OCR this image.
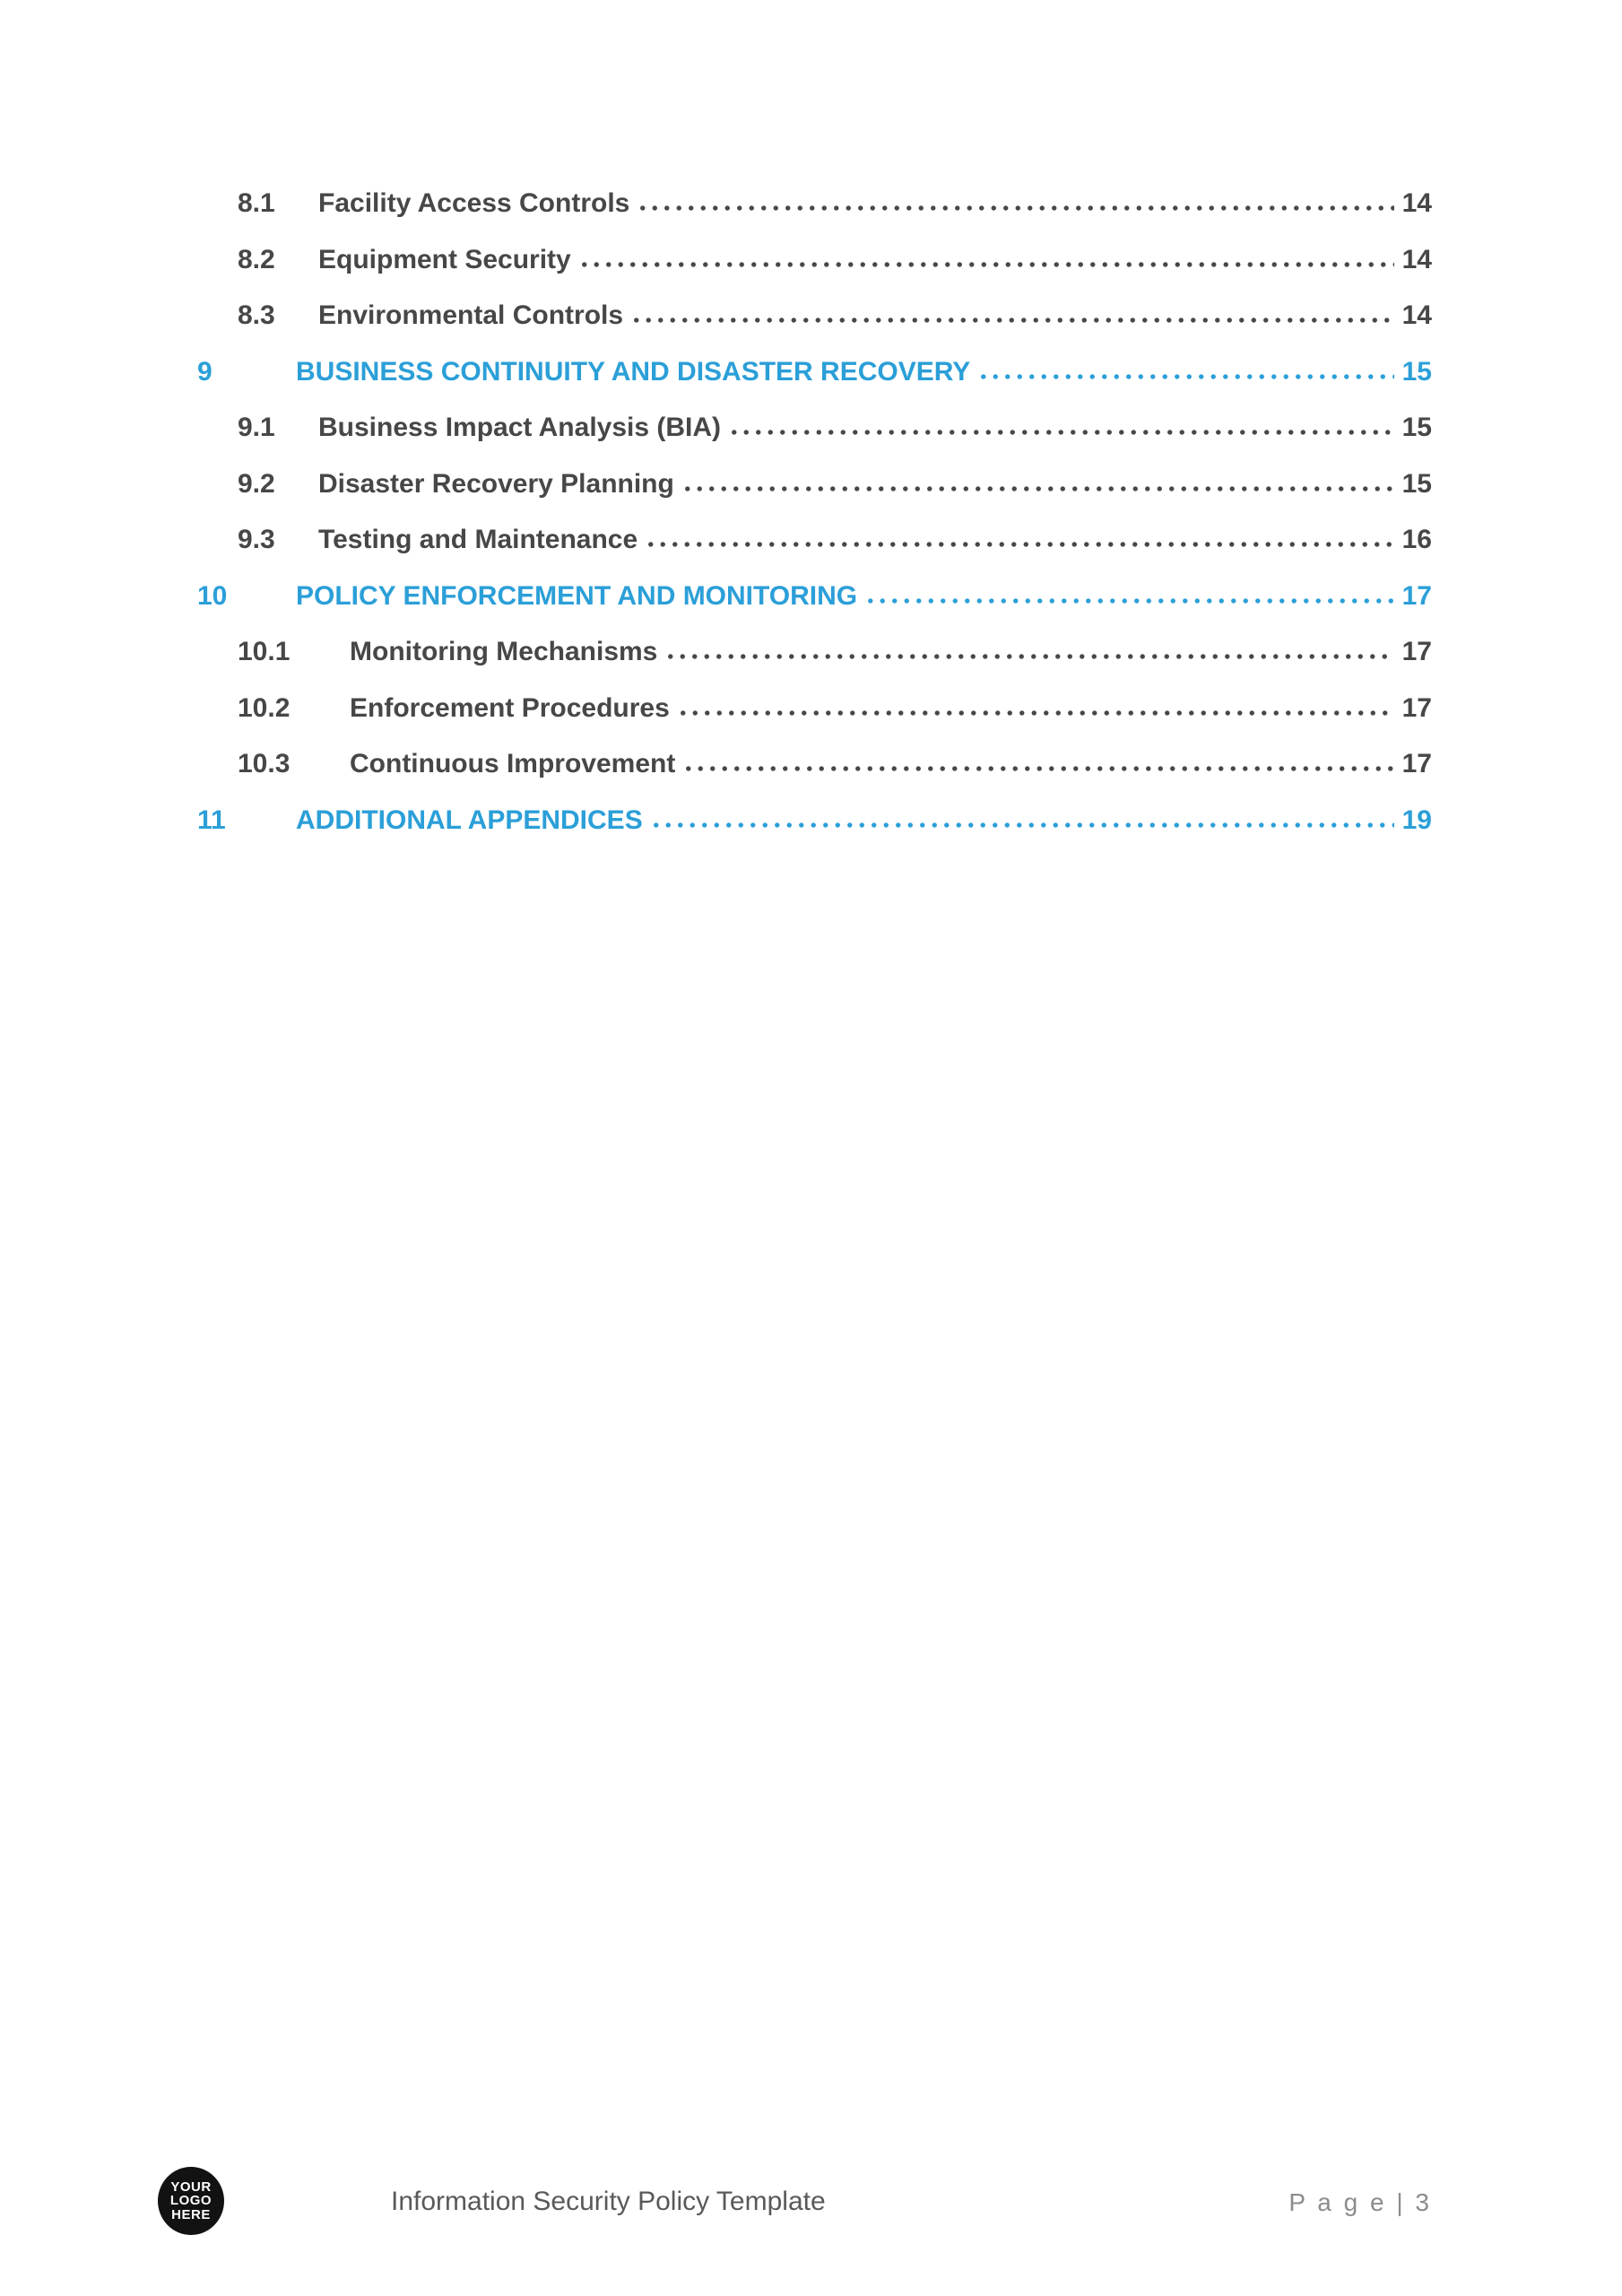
8.1	Facility Access Controls	14
8.2	Equipment Security	14
8.3	Environmental Controls	14
9	BUSINESS CONTINUITY AND DISASTER RECOVERY	15
9.1	Business Impact Analysis (BIA)	15
9.2	Disaster Recovery Planning	15
9.3	Testing and Maintenance	16
10	POLICY ENFORCEMENT AND MONITORING	17
10.1	Monitoring Mechanisms	17
10.2	Enforcement Procedures	17
10.3	Continuous Improvement	17
11	ADDITIONAL APPENDICES	19
YOUR
LOGO
HERE	Information Security Policy Template	P a g e | 3
